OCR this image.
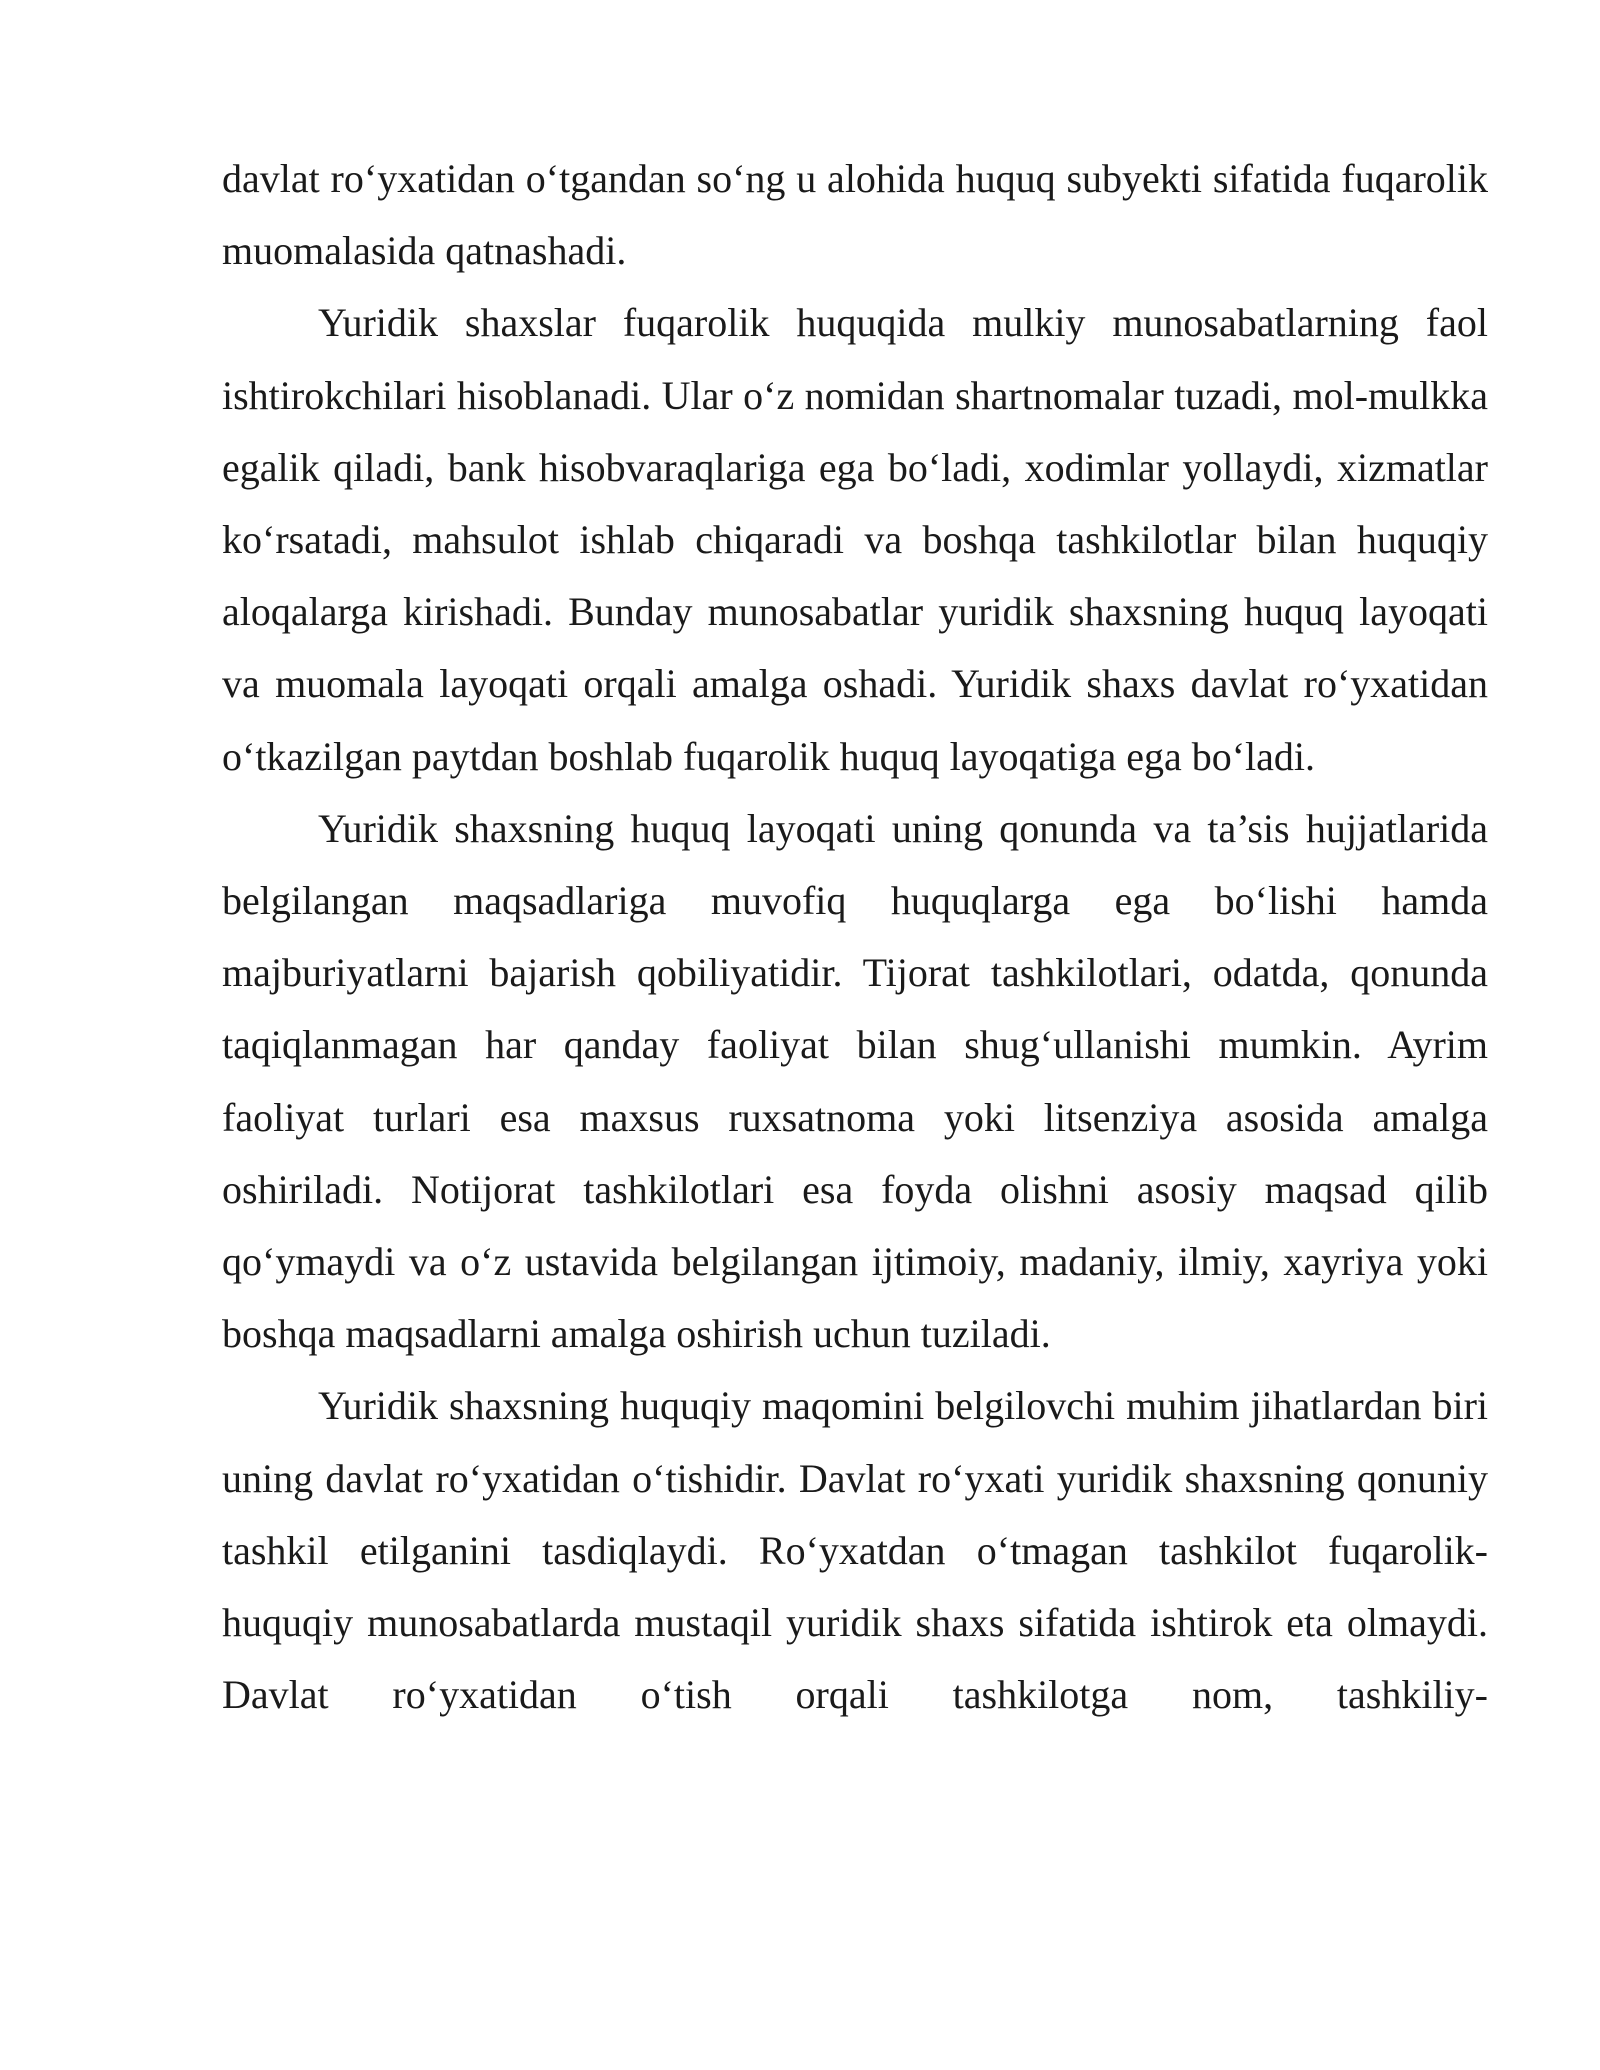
davlat ro‘yxatidan o‘tgandan so‘ng u alohida huquq subyekti sifatida fuqarolik muomalasida qatnashadi.

Yuridik shaxslar fuqarolik huquqida mulkiy munosabatlarning faol ishtirokchilari hisoblanadi. Ular o‘z nomidan shartnomalar tuzadi, mol-mulkka egalik qiladi, bank hisobvaraqlariga ega bo‘ladi, xodimlar yollaydi, xizmatlar ko‘rsatadi, mahsulot ishlab chiqaradi va boshqa tashkilotlar bilan huquqiy aloqalarga kirishadi. Bunday munosabatlar yuridik shaxsning huquq layoqati va muomala layoqati orqali amalga oshadi. Yuridik shaxs davlat ro‘yxatidan o‘tkazilgan paytdan boshlab fuqarolik huquq layoqatiga ega bo‘ladi.

Yuridik shaxsning huquq layoqati uning qonunda va ta’sis hujjatlarida belgilangan maqsadlariga muvofiq huquqlarga ega bo‘lishi hamda majburiyatlarni bajarish qobiliyatidir. Tijorat tashkilotlari, odatda, qonunda taqiqlanmagan har qanday faoliyat bilan shug‘ullanishi mumkin. Ayrim faoliyat turlari esa maxsus ruxsatnoma yoki litsenziya asosida amalga oshiriladi. Notijorat tashkilotlari esa foyda olishni asosiy maqsad qilib qo‘ymaydi va o‘z ustavida belgilangan ijtimoiy, madaniy, ilmiy, xayriya yoki boshqa maqsadlarni amalga oshirish uchun tuziladi.

Yuridik shaxsning huquqiy maqomini belgilovchi muhim jihatlardan biri uning davlat ro‘yxatidan o‘tishidir. Davlat ro‘yxati yuridik shaxsning qonuniy tashkil etilganini tasdiqlaydi. Ro‘yxatdan o‘tmagan tashkilot fuqarolik-huquqiy munosabatlarda mustaqil yuridik shaxs sifatida ishtirok eta olmaydi. Davlat ro‘yxatidan o‘tish orqali tashkilotga nom, tashkiliy-
